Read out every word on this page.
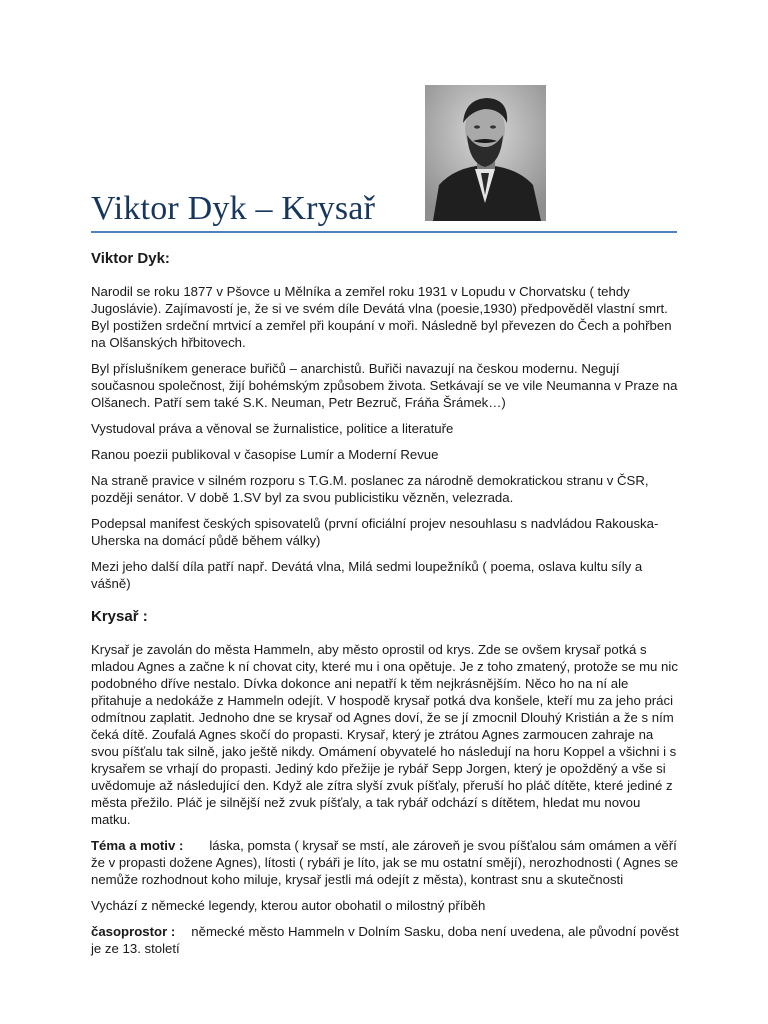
Viktor Dyk – Krysař
Viktor Dyk:

Narodil se roku 1877 v Pšovce u Mělníka a zemřel roku 1931 v Lopudu v Chorvatsku ( tehdy Jugoslávie). Zajímavostí je, že si ve svém díle Devátá vlna (poesie,1930) předpověděl vlastní smrt. Byl postižen srdeční mrtvicí a zemřel při koupání v moři. Následně byl převezen do Čech a pohřben na Olšanských hřbitovech.

Byl příslušníkem generace buřičů – anarchistů. Buřiči navazují na českou modernu. Negují současnou společnost, žijí bohémským způsobem života. Setkávají se ve vile Neumanna v Praze na Olšanech. Patří sem také S.K. Neuman, Petr Bezruč, Fráňa Šrámek…)

Vystudoval práva a věnoval se žurnalistice, politice a literatuře

Ranou poezii publikoval v časopise Lumír a Moderní Revue

Na straně pravice v silném rozporu s T.G.M. poslanec za národně demokratickou stranu v ČSR, později senátor. V době 1.SV byl za svou publicistiku vězněn, velezrada.

Podepsal manifest českých spisovatelů (první oficiální projev nesouhlasu s nadvládou Rakouska-Uherska na domácí půdě během války)

Mezi jeho další díla patří např. Devátá vlna, Milá sedmi loupežníků ( poema, oslava kultu síly a vášně)

Krysař :

Krysař je zavolán do města Hammeln, aby město oprostil od krys. Zde se ovšem krysař potká s mladou Agnes a začne k ní chovat city, které mu i ona opětuje. Je z toho zmatený, protože se mu nic podobného dříve nestalo. Dívka dokonce ani nepatří k těm nejkrásnějším. Něco ho na ní ale přitahuje a nedokáže z Hammeln odejít. V hospodě krysař potká dva konšele, kteří mu za jeho práci odmítnou zaplatit. Jednoho dne se krysař od Agnes doví, že se jí zmocnil Dlouhý Kristián a že s ním čeká dítě. Zoufalá Agnes skočí do propasti. Krysař, který je ztrátou Agnes zarmoucen zahraje na svou píšťalu tak silně, jako ještě nikdy. Omámení obyvatelé ho následují na horu Koppel a všichni i s krysařem se vrhají do propasti. Jediný kdo přežije je rybář Sepp Jorgen, který je opožděný a vše si uvědomuje až následující den. Když ale zítra slyší zvuk píšťaly, přeruší ho pláč dítěte, které jediné z města přežilo. Pláč je silnější než zvuk píšťaly, a tak rybář odchází s dítětem, hledat mu novou matku.

Téma a motiv : láska, pomsta ( krysař se mstí, ale zároveň je svou píšťalou sám omámen a věří že v propasti dožene Agnes), lítosti ( rybáři je líto, jak se mu ostatní smějí), nerozhodnosti ( Agnes se nemůže rozhodnout koho miluje, krysař jestli má odejít z města), kontrast snu a skutečnosti

Vychází z německé legendy, kterou autor obohatil o milostný příběh

časoprostor : německé město Hammeln v Dolním Sasku, doba není uvedena, ale původní pověst je ze 13. století
